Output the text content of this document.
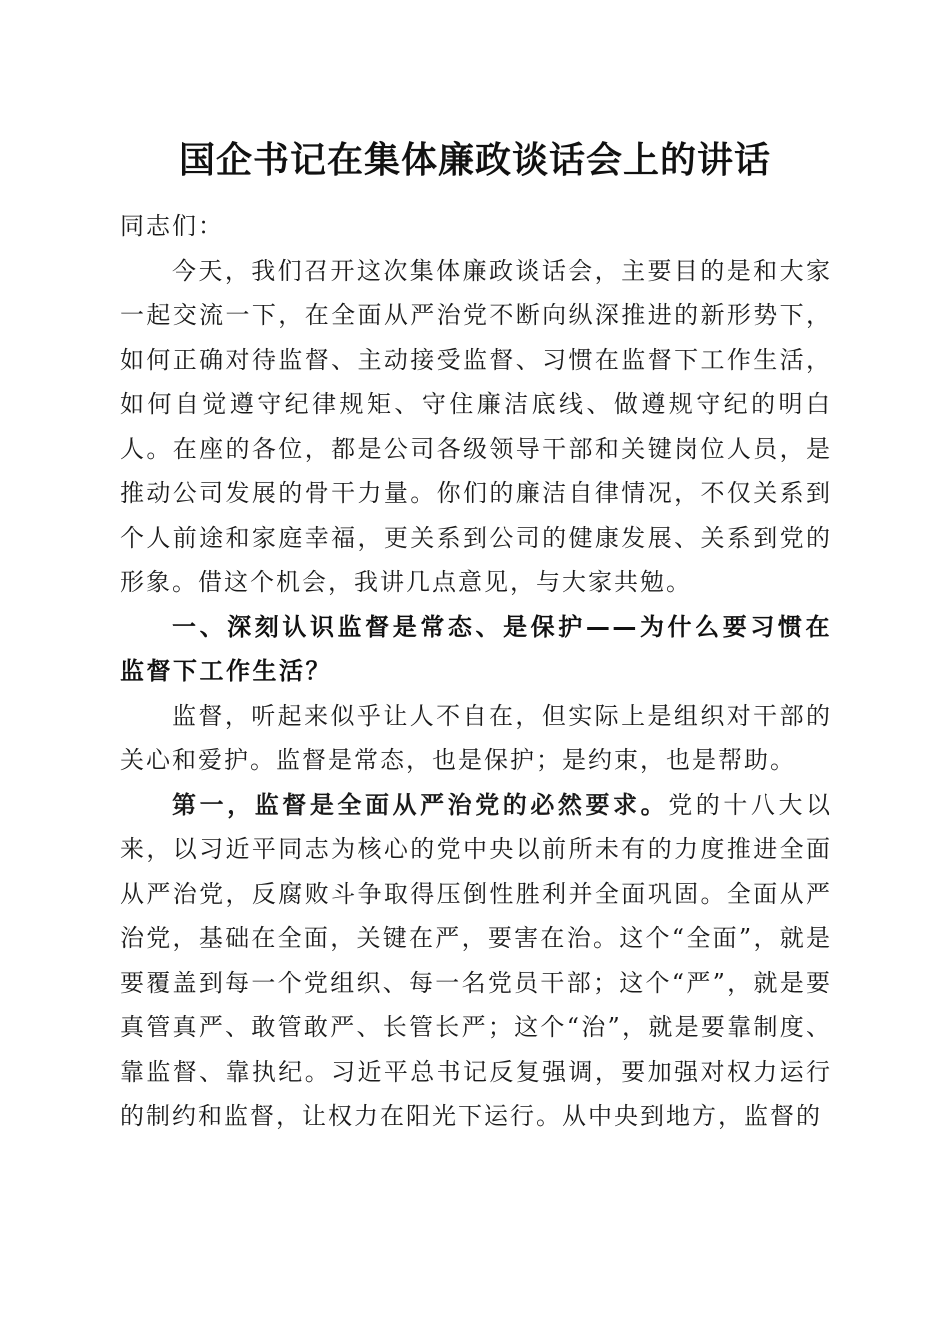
国企书记在集体廉政谈话会上的讲话

同志们：

今天，我们召开这次集体廉政谈话会，主要目的是和大家一起交流一下，在全面从严治党不断向纵深推进的新形势下，如何正确对待监督、主动接受监督、习惯在监督下工作生活，如何自觉遵守纪律规矩、守住廉洁底线、做遵规守纪的明白人。在座的各位，都是公司各级领导干部和关键岗位人员，是推动公司发展的骨干力量。你们的廉洁自律情况，不仅关系到个人前途和家庭幸福，更关系到公司的健康发展、关系到党的形象。借这个机会，我讲几点意见，与大家共勉。

一、深刻认识监督是常态、是保护——为什么要习惯在监督下工作生活？

监督，听起来似乎让人不自在，但实际上是组织对干部的关心和爱护。监督是常态，也是保护；是约束，也是帮助。

第一，监督是全面从严治党的必然要求。党的十八大以来，以习近平同志为核心的党中央以前所未有的力度推进全面从严治党，反腐败斗争取得压倒性胜利并全面巩固。全面从严治党，基础在全面，关键在严，要害在治。这个“全面”，就是要覆盖到每一个党组织、每一名党员干部；这个“严”，就是要真管真严、敢管敢严、长管长严；这个“治”，就是要靠制度、靠监督、靠执纪。习近平总书记反复强调，要加强对权力运行的制约和监督，让权力在阳光下运行。从中央到地方，监督的
